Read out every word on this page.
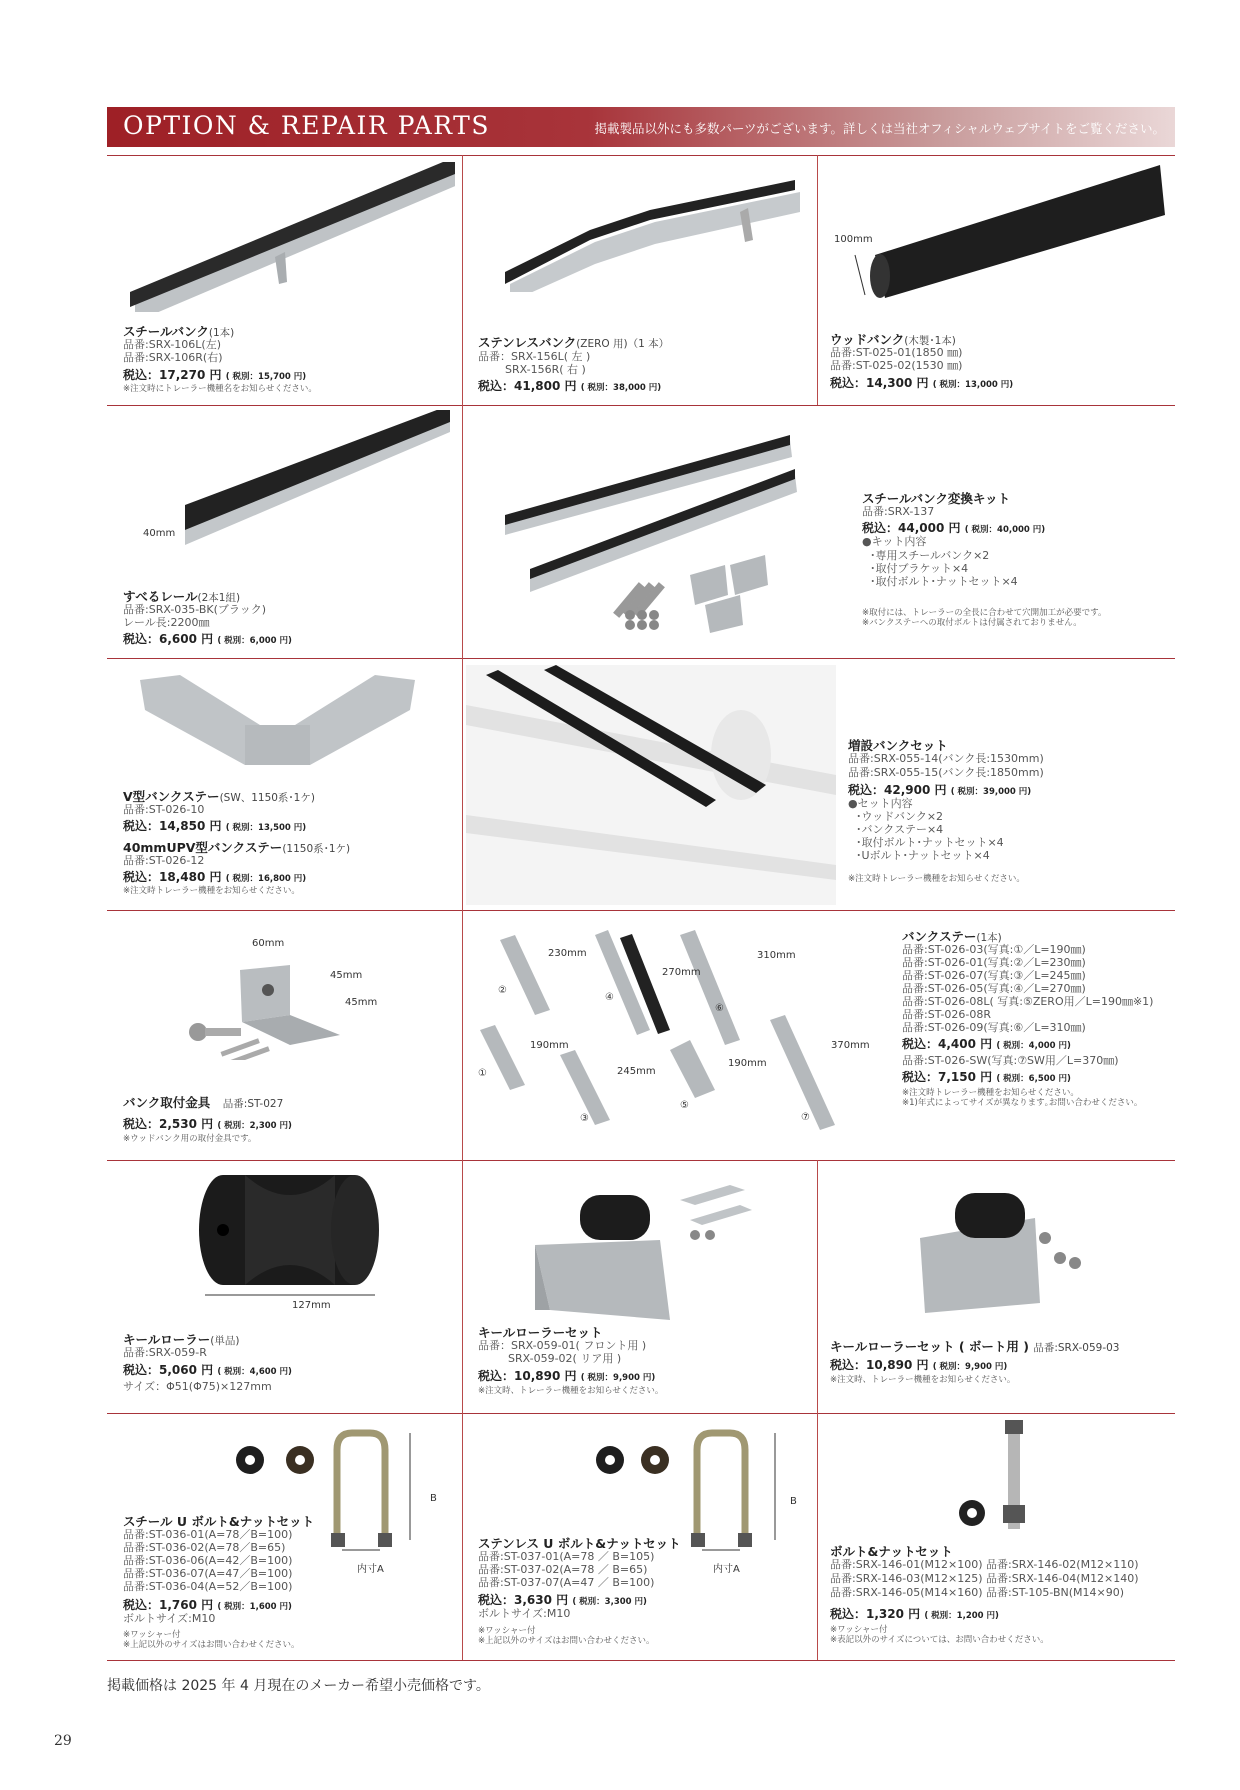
OPTION & REPAIR PARTS	掲載製品以外にも多数パーツがございます。詳しくは当社オフィシャルウェブサイトをご覧ください。
スチールバンク(1本)
品番:SRX-106L(左)
品番:SRX-106R(右)
税込：17,270 円 ( 税別：15,700 円)
※注文時にトレーラー機種名をお知らせください。
ステンレスバンク(ZERO 用)（1 本）
品番：SRX-156L( 左 )
SRX-156R( 右 )
税込：41,800 円 ( 税別：38,000 円)
100mm
ウッドバンク(木製･1本)
品番:ST-025-01(1850 ㎜)
品番:ST-025-02(1530 ㎜)
税込：14,300 円 ( 税別：13,000 円)
40mm
すべるレール(2本1組)
品番:SRX-035-BK(ブラック)
レール長:2200㎜
税込：6,600 円 ( 税別：6,000 円)
スチールバンク変換キット
品番:SRX-137
税込：44,000 円 ( 税別：40,000 円)
●キット内容
･専用スチールバンク×2
･取付ブラケット×4
･取付ボルト･ナットセット×4
※取付には、トレーラーの全長に合わせて穴開加工が必要です。
※バンクステーへの取付ボルトは付属されておりません。
V型バンクステー(SW、1150系･1ケ)
品番:ST-026-10
税込：14,850 円 ( 税別：13,500 円)
40mmUPV型バンクステー(1150系･1ケ)
品番:ST-026-12
税込：18,480 円 ( 税別：16,800 円)
※注文時トレーラー機種をお知らせください。
増設バンクセット
品番:SRX-055-14(バンク長:1530mm)
品番:SRX-055-15(バンク長:1850mm)
税込：42,900 円 ( 税別：39,000 円)
●セット内容
･ウッドバンク×2
･バンクステー×4
･取付ボルト･ナットセット×4
･Uボルト･ナットセット×4
※注文時トレーラー機種をお知らせください。
60mm
45mm
45mm
バンク取付金具　 品番:ST-027
税込：2,530 円 ( 税別：2,300 円)
※ウッドバンク用の取付金具です。
230mm
270mm
310mm
190mm
245mm
190mm
370mm
②
④
⑥
①
③
⑤
⑦
バンクステー(1本)
品番:ST-026-03(写真:①／L=190㎜)
品番:ST-026-01(写真:②／L=230㎜)
品番:ST-026-07(写真:③／L=245㎜)
品番:ST-026-05(写真:④／L=270㎜)
品番:ST-026-08L( 写真:⑤ZERO用／L=190㎜※1)
品番:ST-026-08R
品番:ST-026-09(写真:⑥／L=310㎜)
税込：4,400 円 ( 税別：4,000 円)
品番:ST-026-SW(写真:⑦SW用／L=370㎜)
税込：7,150 円 ( 税別：6,500 円)
※注文時トレーラー機種をお知らせください。
※1)年式によってサイズが異なります｡お問い合わせください。
127mm
キールローラー(単品)
品番:SRX-059-R
税込：5,060 円 ( 税別：4,600 円)
サイズ：Φ51(Φ75)×127mm
キールローラーセット
品番：SRX-059-01( フロント用 )
SRX-059-02( リア用 )
税込：10,890 円 ( 税別：9,900 円)
※注文時、トレーラー機種をお知らせください。
キールローラーセット ( ボート用 ) 品番:SRX-059-03
税込：10,890 円 ( 税別：9,900 円)
※注文時、トレーラー機種をお知らせください。
B
内寸A
スチール U ボルト&ナットセット
品番:ST-036-01(A=78／B=100)
品番:ST-036-02(A=78／B=65)
品番:ST-036-06(A=42／B=100)
品番:ST-036-07(A=47／B=100)
品番:ST-036-04(A=52／B=100)
税込：1,760 円 ( 税別：1,600 円)
ボルトサイズ:M10
※ワッシャー付
※上記以外のサイズはお問い合わせください。
B
内寸A
ステンレス U ボルト&ナットセット
品番:ST-037-01(A=78 ／ B=105)
品番:ST-037-02(A=78 ／ B=65)
品番:ST-037-07(A=47 ／ B=100)
税込：3,630 円 ( 税別：3,300 円)
ボルトサイズ:M10
※ワッシャー付
※上記以外のサイズはお問い合わせください。
ボルト&ナットセット
品番:SRX-146-01(M12×100) 品番:SRX-146-02(M12×110)
品番:SRX-146-03(M12×125) 品番:SRX-146-04(M12×140)
品番:SRX-146-05(M14×160) 品番:ST-105-BN(M14×90)
税込：1,320 円 ( 税別：1,200 円)
※ワッシャー付
※表記以外のサイズについては、お問い合わせください。
掲載価格は 2025 年 4 月現在のメーカー希望小売価格です。
29
